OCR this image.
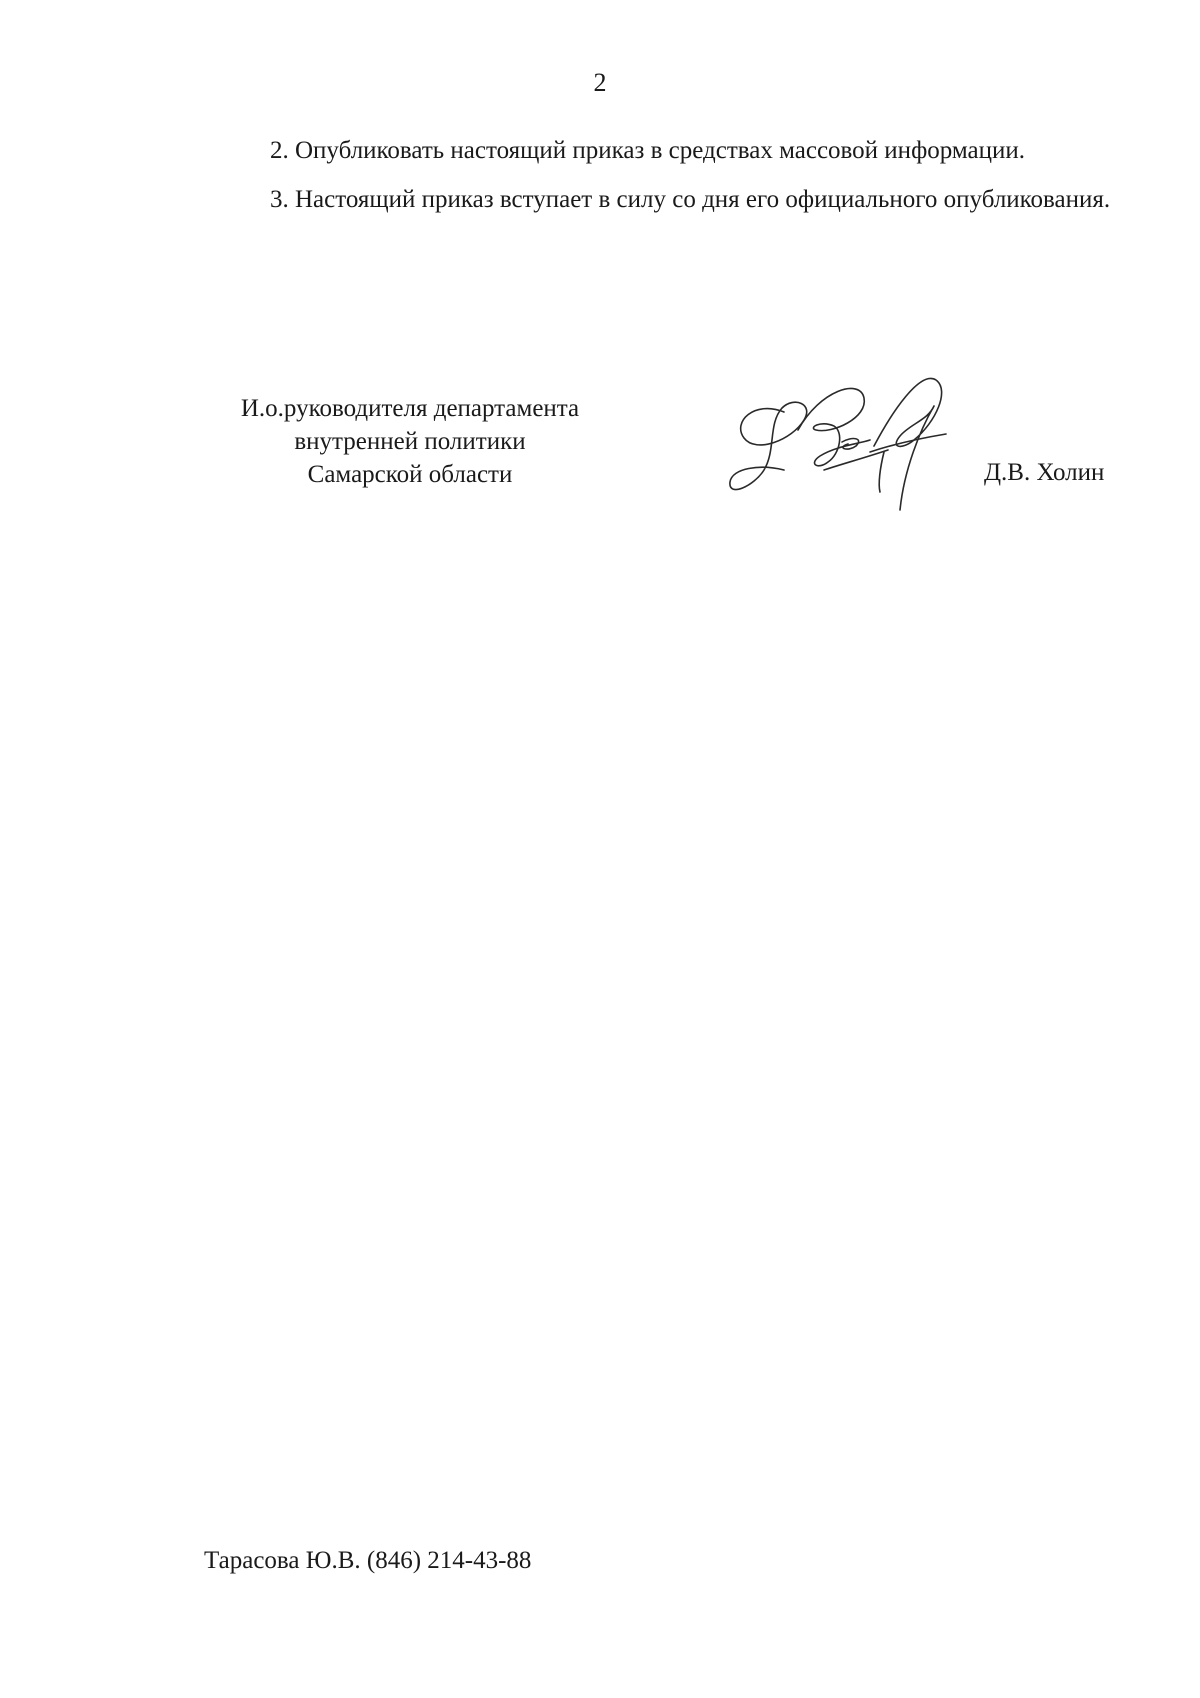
2

2. Опубликовать настоящий приказ в средствах массовой информации.

3. Настоящий приказ вступает в силу со дня его официального опубликования.

И.о.руководителя департамента
внутренней политики
Самарской области	Д.В. Холин
Тарасова Ю.В. (846) 214-43-88
